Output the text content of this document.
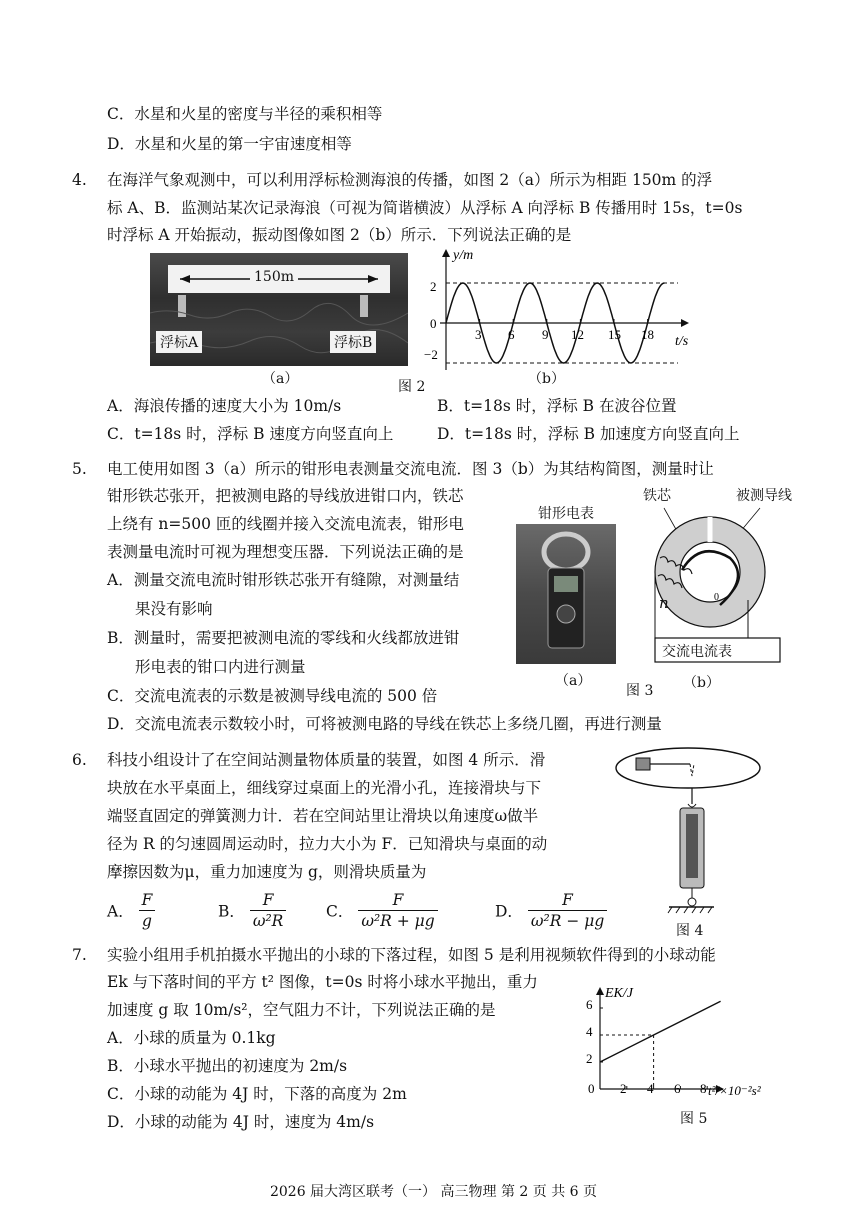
C．水星和火星的密度与半径的乘积相等
D．水星和火星的第一宇宙速度相等
4. 在海洋气象观测中，可以利用浮标检测海浪的传播，如图 2（a）所示为相距 150m 的浮
标 A、B．监测站某次记录海浪（可视为简谐横波）从浮标 A 向浮标 B 传播用时 15s，t=0s
时浮标 A 开始振动，振动图像如图 2（b）所示．下列说法正确的是
150m
浮标A	浮标B
（a）	图 2
y/m
t/s
2
0
−2
3 6 9 12 15 18
（b）
A．海浪传播的速度大小为 10m/s	B．t=18s 时，浮标 B 在波谷位置
C．t=18s 时，浮标 B 速度方向竖直向上	D．t=18s 时，浮标 B 加速度方向竖直向上
5. 电工使用如图 3（a）所示的钳形电表测量交流电流．图 3（b）为其结构简图，测量时让
钳形铁芯张开，把被测电路的导线放进钳口内，铁芯
上绕有 n=500 匝的线圈并接入交流电流表，钳形电
表测量电流时可视为理想变压器．下列说法正确的是
A．测量交流电流时钳形铁芯张开有缝隙，对测量结
果没有影响
B．测量时，需要把被测电流的零线和火线都放进钳
形电表的钳口内进行测量
C．交流电流表的示数是被测导线电流的 500 倍
D．交流电流表示数较小时，可将被测电路的导线在铁芯上多绕几圈，再进行测量
钳形电表
（a）
图 3 （b）
铁芯	被测导线
0
交流电流表
n
6. 科技小组设计了在空间站测量物体质量的装置，如图 4 所示．滑
块放在水平桌面上，细线穿过桌面上的光滑小孔，连接滑块与下
端竖直固定的弹簧测力计．若在空间站里让滑块以角速度ω做半
径为 R 的匀速圆周运动时，拉力大小为 F．已知滑块与桌面的动
摩擦因数为μ，重力加速度为 g，则滑块质量为
A． $\frac{F}{g}$	B． $\frac{F}{\text{ω²R}}$	C． $\frac{F}{\text{ω²R + μg}}$	D． $\frac{F}{\text{ω²R − μg}}$	图 4
7. 实验小组用手机拍摄水平抛出的小球的下落过程，如图 5 是利用视频软件得到的小球动能
Ek 与下落时间的平方 t² 图像，t=0s 时将小球水平抛出，重力
加速度 g 取 10m/s²，空气阻力不计，下列说法正确的是
A．小球的质量为 0.1kg
B．小球水平抛出的初速度为 2m/s
C．小球的动能为 4J 时，下落的高度为 2m
D．小球的动能为 4J 时，速度为 4m/s
EK/J
t²/×10⁻²s²
6
4
2
0 2 4 6 8
图 5
2026 届大湾区联考（一） 高三物理 第 2 页 共 6 页
